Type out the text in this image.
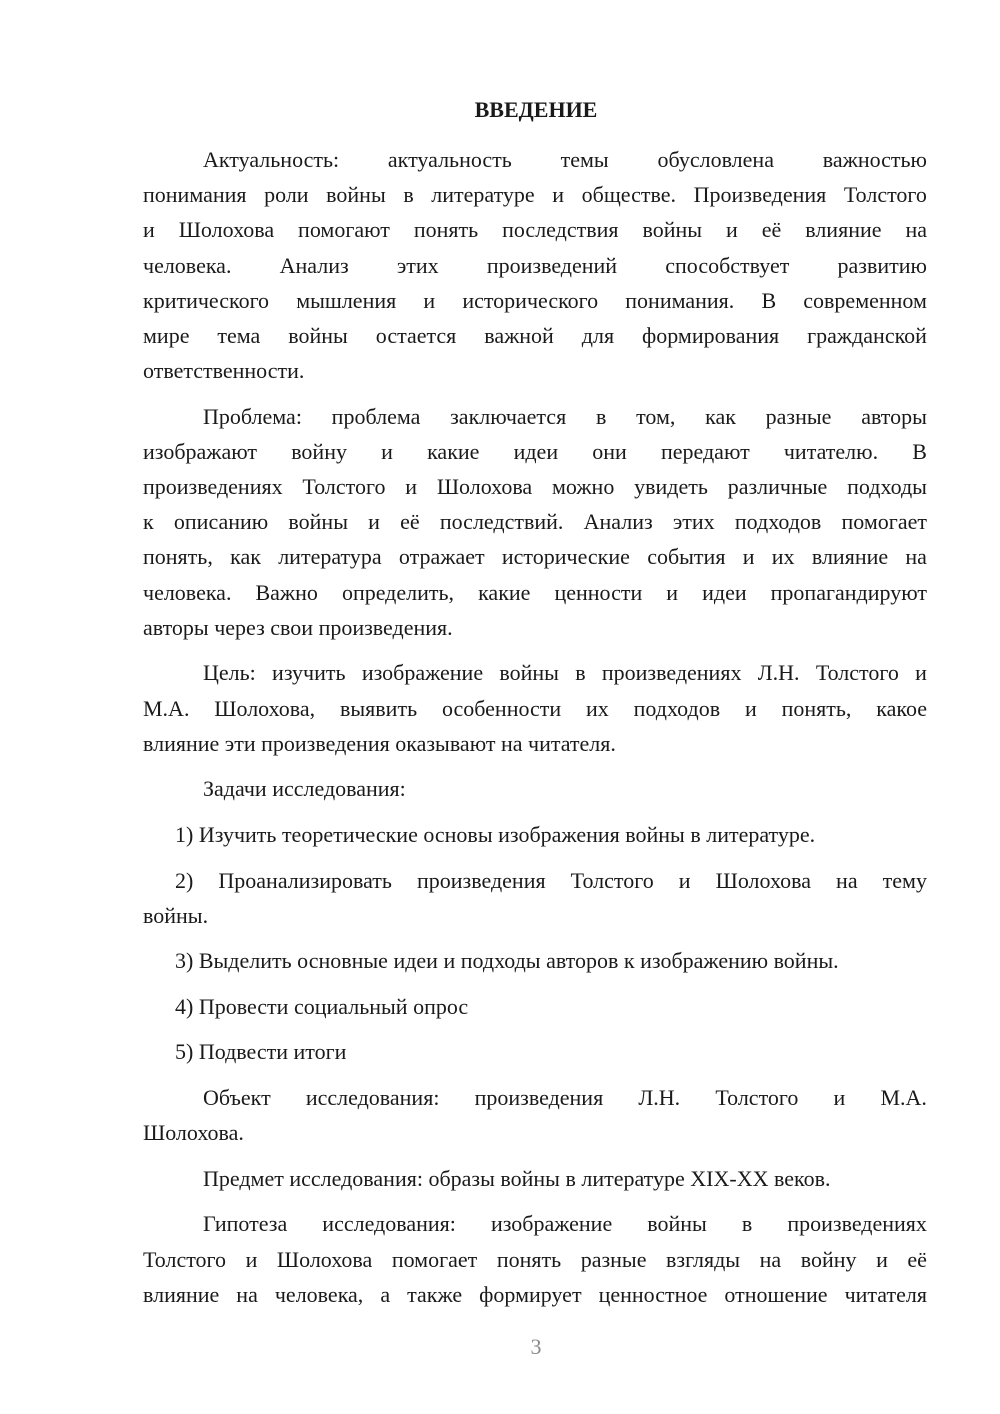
ВВЕДЕНИЕ
Актуальность: актуальность темы обусловлена важностью
понимания роли войны в литературе и обществе. Произведения Толстого
и Шолохова помогают понять последствия войны и её влияние на
человека. Анализ этих произведений способствует развитию
критического мышления и исторического понимания. В современном
мире тема войны остается важной для формирования гражданской
ответственности.
Проблема: проблема заключается в том, как разные авторы
изображают войну и какие идеи они передают читателю. В
произведениях Толстого и Шолохова можно увидеть различные подходы
к описанию войны и её последствий. Анализ этих подходов помогает
понять, как литература отражает исторические события и их влияние на
человека. Важно определить, какие ценности и идеи пропагандируют
авторы через свои произведения.
Цель: изучить изображение войны в произведениях Л.Н. Толстого и
М.А. Шолохова, выявить особенности их подходов и понять, какое
влияние эти произведения оказывают на читателя.
Задачи исследования:
1) Изучить теоретические основы изображения войны в литературе.
2) Проанализировать произведения Толстого и Шолохова на тему
войны.
3) Выделить основные идеи и подходы авторов к изображению войны.
4) Провести социальный опрос
5) Подвести итоги
Объект исследования: произведения Л.Н. Толстого и М.А.
Шолохова.
Предмет исследования: образы войны в литературе XIX-XX веков.
Гипотеза исследования: изображение войны в произведениях
Толстого и Шолохова помогает понять разные взгляды на войну и её
влияние на человека, а также формирует ценностное отношение читателя
3
